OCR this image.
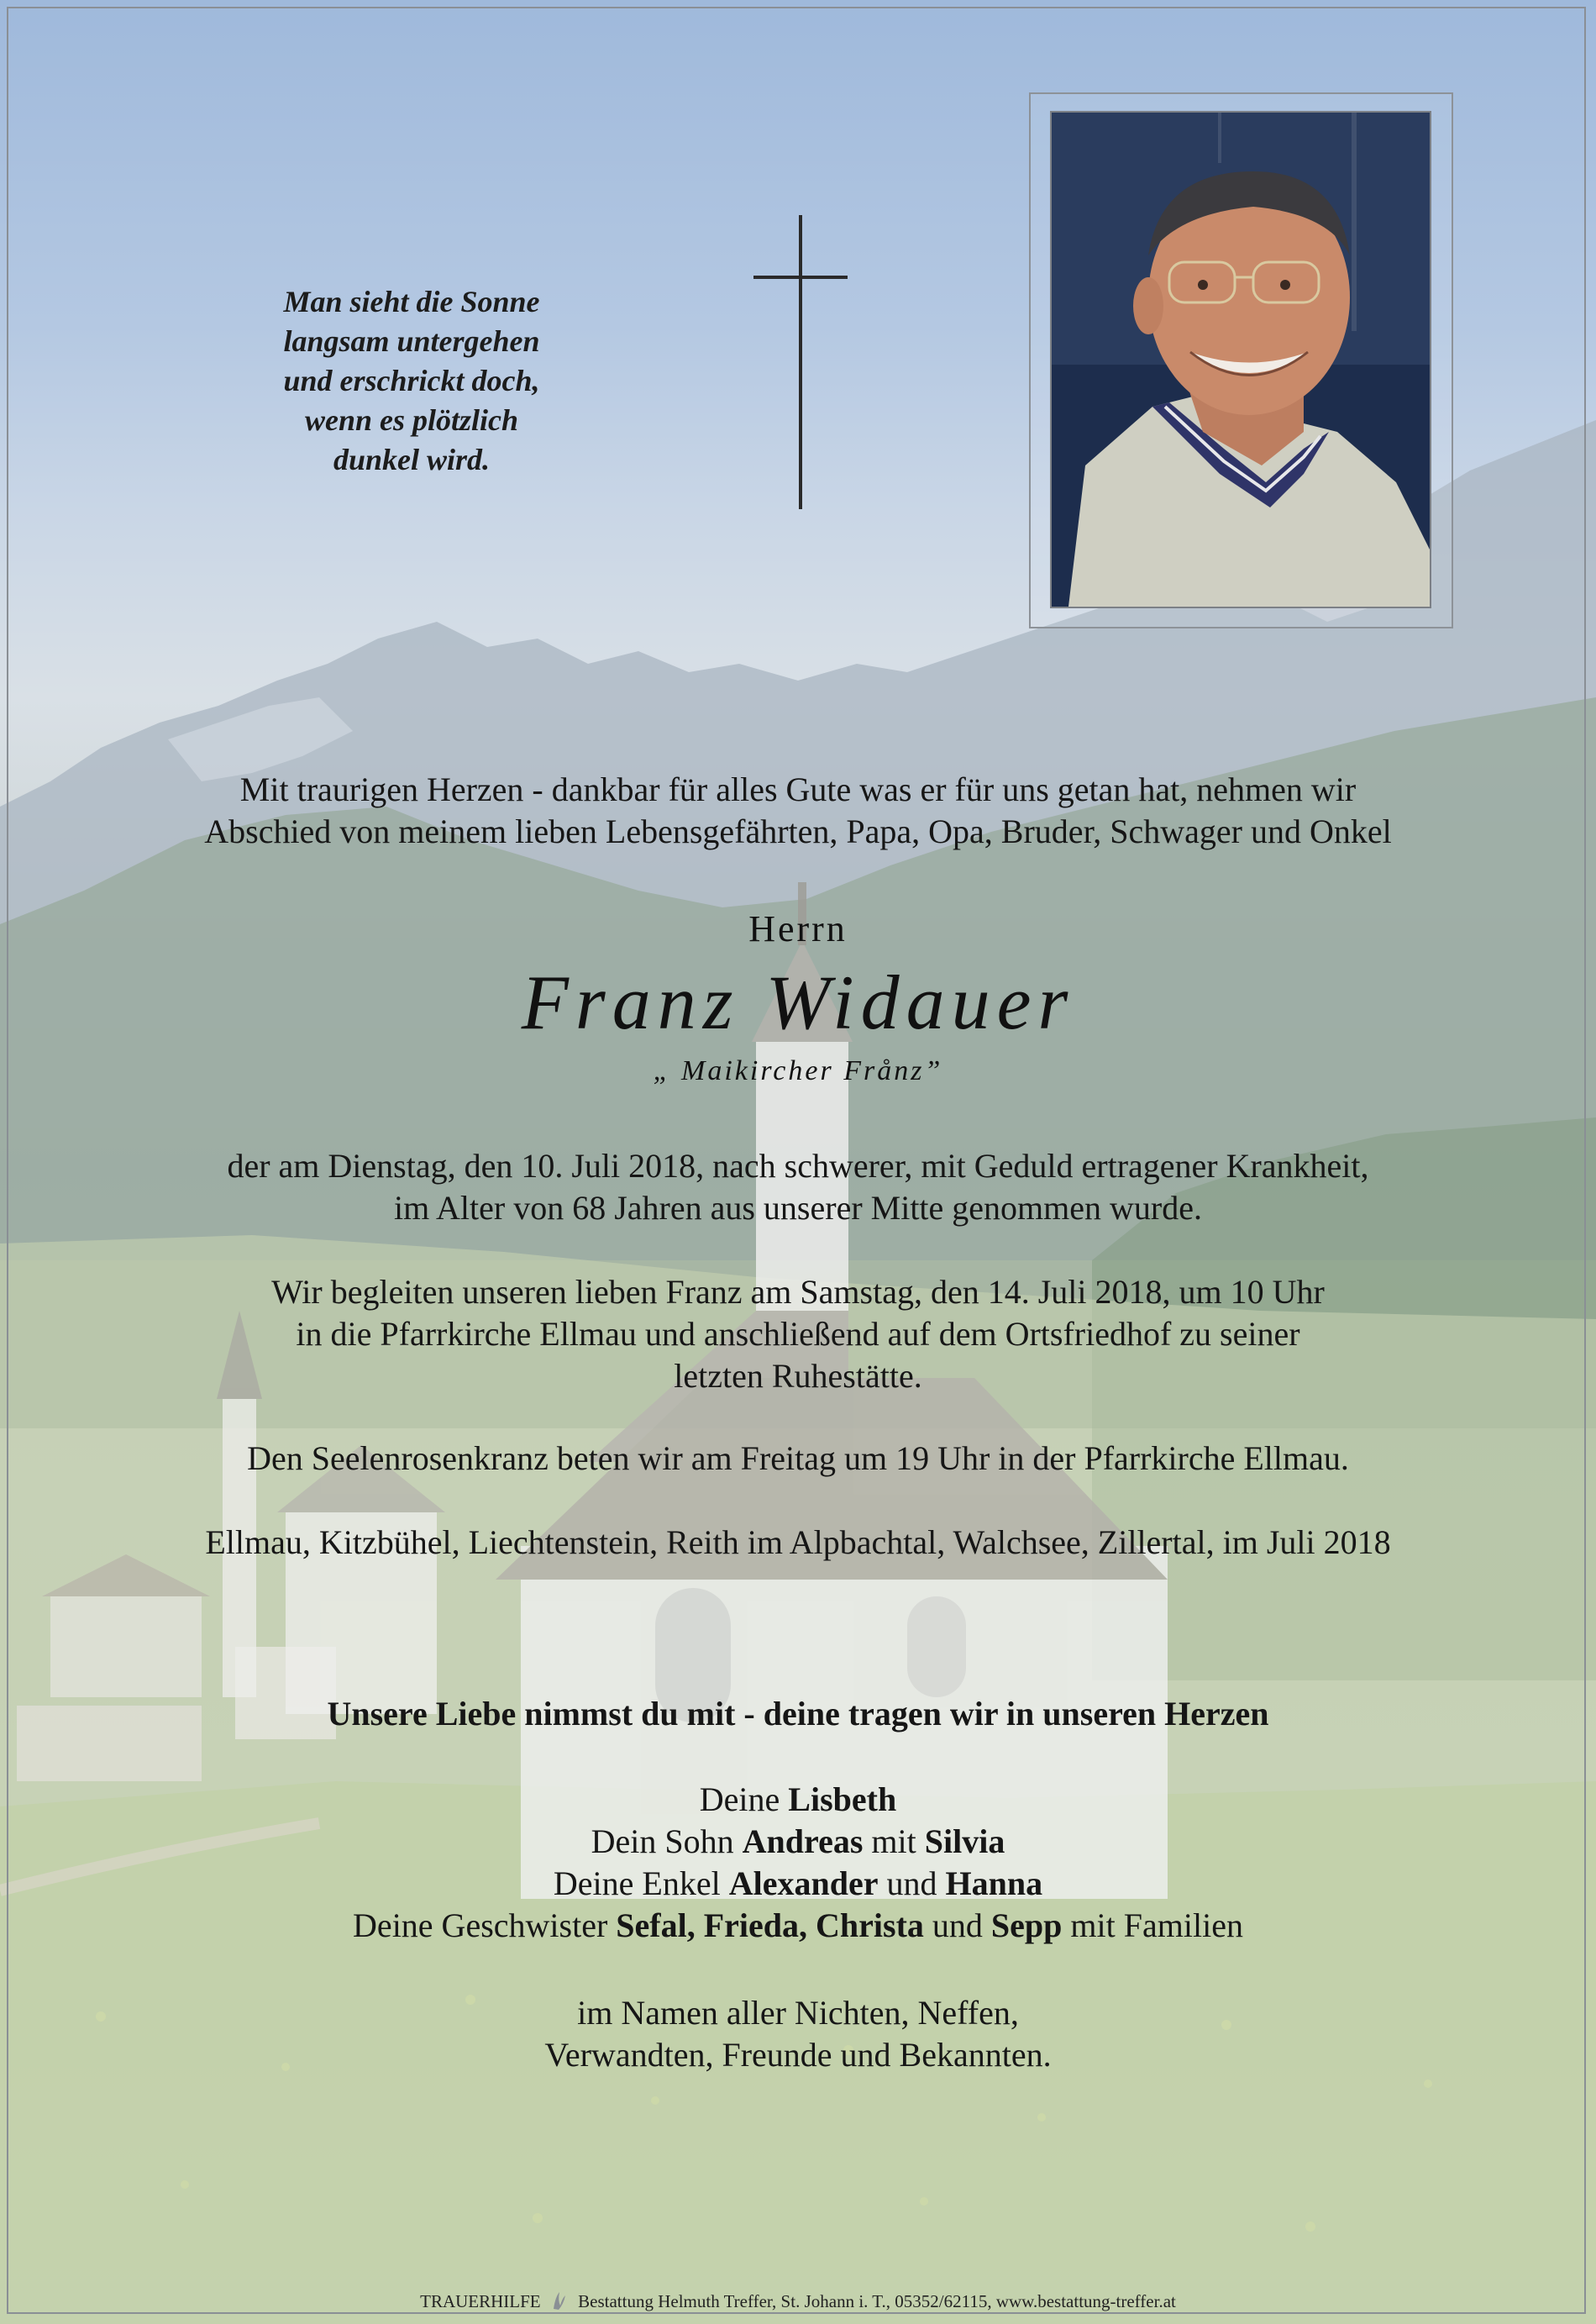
Man sieht die Sonne
langsam untergehen
und erschrickt doch,
wenn es plötzlich
dunkel wird.

Mit traurigen Herzen - dankbar für alles Gute was er für uns getan hat, nehmen wir

Abschied von meinem lieben Lebensgefährten, Papa, Opa, Bruder, Schwager und Onkel

Herrn

Franz Widauer

„ Maikircher Frånz”

der am Dienstag, den 10. Juli 2018, nach schwerer, mit Geduld ertragener Krankheit,

im Alter von 68 Jahren aus unserer Mitte genommen wurde.

Wir begleiten unseren lieben Franz am Samstag, den 14. Juli 2018, um 10 Uhr

in die Pfarrkirche Ellmau und anschließend auf dem Ortsfriedhof zu seiner

letzten Ruhestätte.

Den Seelenrosenkranz beten wir am Freitag um 19 Uhr in der Pfarrkirche Ellmau.

Ellmau, Kitzbühel, Liechtenstein, Reith im Alpbachtal, Walchsee, Zillertal, im Juli 2018

Unsere Liebe nimmst du mit - deine tragen wir in unseren Herzen

Deine Lisbeth

Dein Sohn Andreas mit Silvia

Deine Enkel Alexander und Hanna

Deine Geschwister Sefal, Frieda, Christa und Sepp mit Familien

im Namen aller Nichten, Neffen,

Verwandten, Freunde und Bekannten.

TRAUERHILFE Bestattung Helmuth Treffer, St. Johann i. T., 05352/62115, www.bestattung-treffer.at
